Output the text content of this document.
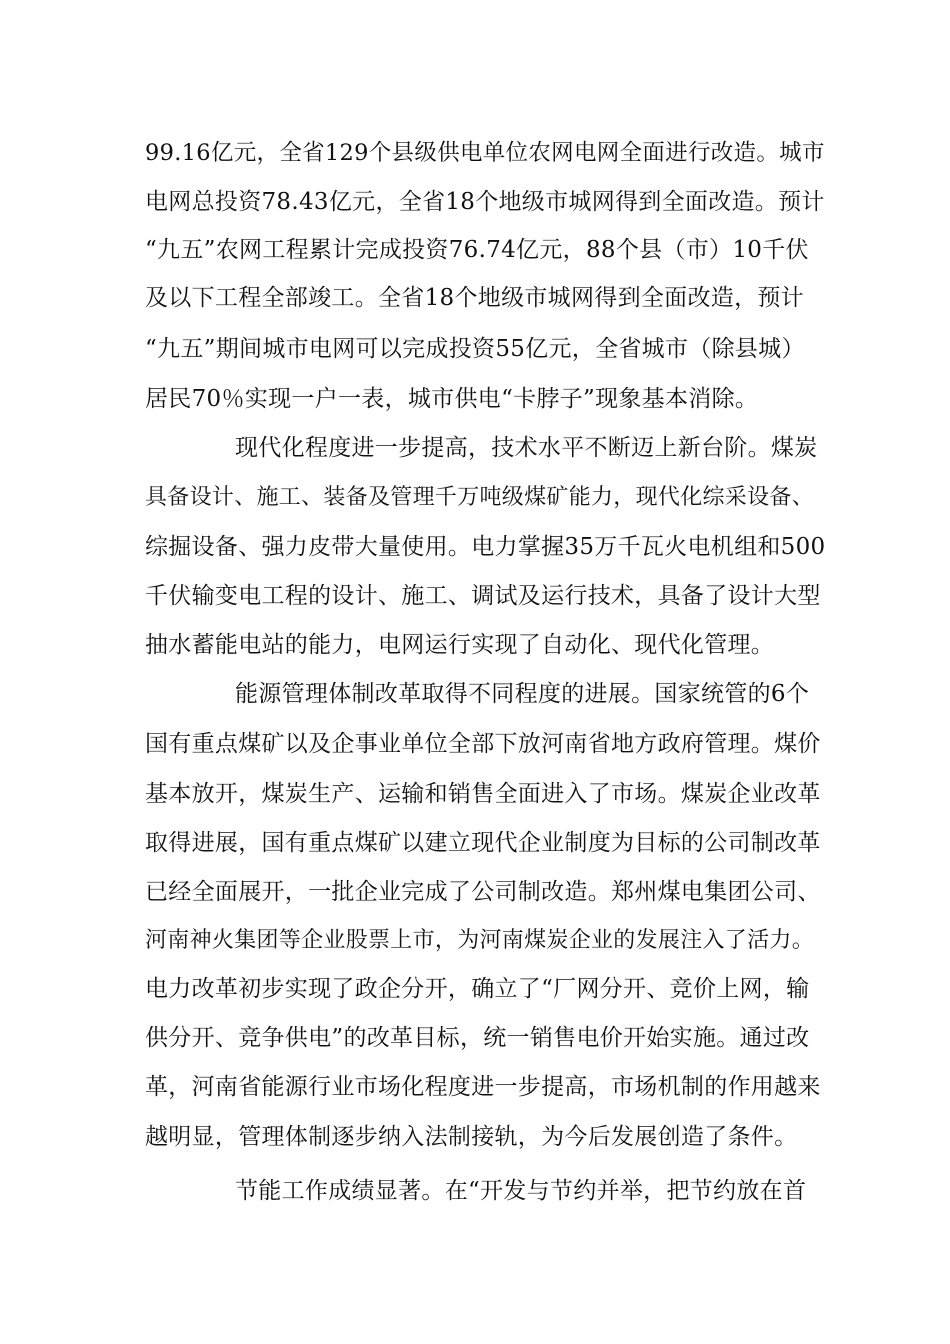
99.16亿元，全省129个县级供电单位农网电网全面进行改造。城市
电网总投资78.43亿元，全省18个地级市城网得到全面改造。预计
“九五”农网工程累计完成投资76.74亿元，88个县（市）10千伏
及以下工程全部竣工。全省18个地级市城网得到全面改造，预计
“九五”期间城市电网可以完成投资55亿元，全省城市（除县城）
居民70％实现一户一表，城市供电“卡脖子”现象基本消除。
现代化程度进一步提高，技术水平不断迈上新台阶。煤炭
具备设计、施工、装备及管理千万吨级煤矿能力，现代化综采设备、
综掘设备、强力皮带大量使用。电力掌握35万千瓦火电机组和500
千伏输变电工程的设计、施工、调试及运行技术，具备了设计大型
抽水蓄能电站的能力，电网运行实现了自动化、现代化管理。
能源管理体制改革取得不同程度的进展。国家统管的6个
国有重点煤矿以及企事业单位全部下放河南省地方政府管理。煤价
基本放开，煤炭生产、运输和销售全面进入了市场。煤炭企业改革
取得进展，国有重点煤矿以建立现代企业制度为目标的公司制改革
已经全面展开，一批企业完成了公司制改造。郑州煤电集团公司、
河南神火集团等企业股票上市，为河南煤炭企业的发展注入了活力。
电力改革初步实现了政企分开，确立了“厂网分开、竞价上网，输
供分开、竞争供电”的改革目标，统一销售电价开始实施。通过改
革，河南省能源行业市场化程度进一步提高，市场机制的作用越来
越明显，管理体制逐步纳入法制接轨，为今后发展创造了条件。
节能工作成绩显著。在“开发与节约并举，把节约放在首
